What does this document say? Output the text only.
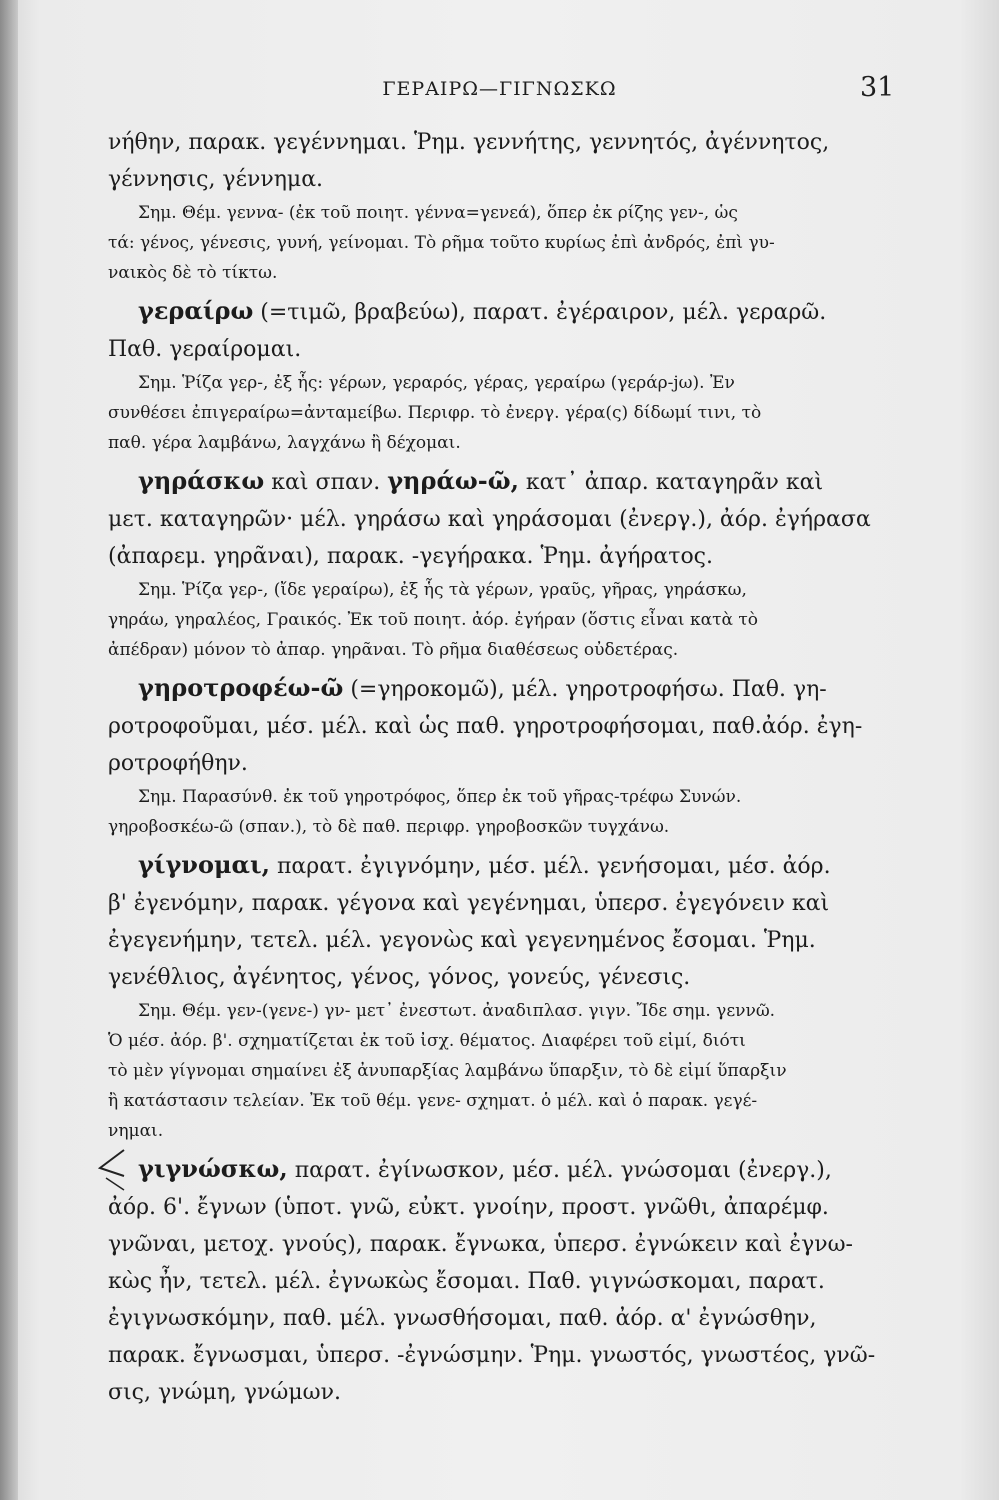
ΓΕΡΑΙΡΩ—ΓΙΓΝΩΣΚΩ	31

νήθην, παρακ. γεγέννημαι. Ῥημ. γεννήτης, γεννητός, ἀγέννητος,

γέννησις, γέννημα.

Σημ. Θέμ. γεννα- (ἐκ τοῦ ποιητ. γέννα=γενεά), ὅπερ ἐκ ρίζης γεν-, ὡς

τά: γένος, γένεσις, γυνή, γείνομαι. Τὸ ρῆμα τοῦτο κυρίως ἐπὶ ἀνδρός, ἐπὶ γυ-

ναικὸς δὲ τὸ τίκτω.

γεραίρω (=τιμῶ, βραβεύω), παρατ. ἐγέραιρον, μέλ. γεραρῶ.

Παθ. γεραίρομαι.

Σημ. Ῥίζα γερ-, ἐξ ἧς: γέρων, γεραρός, γέρας, γεραίρω (γεράρ-jω). Ἐν

συνθέσει ἐπιγεραίρω=ἀνταμείβω. Περιφρ. τὸ ἐνεργ. γέρα(ς) δίδωμί τινι, τὸ

παθ. γέρα λαμβάνω, λαγχάνω ἢ δέχομαι.

γηράσκω καὶ σπαν. γηράω-ῶ, κατ᾽ ἀπαρ. καταγηρᾶν καὶ

μετ. καταγηρῶν· μέλ. γηράσω καὶ γηράσομαι (ἐνεργ.), ἀόρ. ἐγήρασα

(ἀπαρεμ. γηρᾶναι), παρακ. -γεγήρακα. Ῥημ. ἀγήρατος.

Σημ. Ῥίζα γερ-, (ἴδε γεραίρω), ἐξ ἧς τὰ γέρων, γραῦς, γῆρας, γηράσκω,

γηράω, γηραλέος, Γραικός. Ἐκ τοῦ ποιητ. ἀόρ. ἐγήραν (ὅστις εἶναι κατὰ τὸ

ἀπέδραν) μόνον τὸ ἀπαρ. γηρᾶναι. Τὸ ρῆμα διαθέσεως οὐδετέρας.

γηροτροφέω-ῶ (=γηροκομῶ), μέλ. γηροτροφήσω. Παθ. γη-

ροτροφοῦμαι, μέσ. μέλ. καὶ ὡς παθ. γηροτροφήσομαι, παθ.ἀόρ. ἐγη-

ροτροφήθην.

Σημ. Παρασύνθ. ἐκ τοῦ γηροτρόφος, ὅπερ ἐκ τοῦ γῆρας-τρέφω Συνών.

γηροβοσκέω-ῶ (σπαν.), τὸ δὲ παθ. περιφρ. γηροβοσκῶν τυγχάνω.

γίγνομαι, παρατ. ἐγιγνόμην, μέσ. μέλ. γενήσομαι, μέσ. ἀόρ.

β' ἐγενόμην, παρακ. γέγονα καὶ γεγένημαι, ὑπερσ. ἐγεγόνειν καὶ

ἐγεγενήμην, τετελ. μέλ. γεγονὼς καὶ γεγενημένος ἔσομαι. Ῥημ.

γενέθλιος, ἀγένητος, γένος, γόνος, γονεύς, γένεσις.

Σημ. Θέμ. γεν-(γενε-) γν- μετ᾽ ἐνεστωτ. ἀναδιπλασ. γιγν. Ἴδε σημ. γεννῶ.

Ὁ μέσ. ἀόρ. β'. σχηματίζεται ἐκ τοῦ ἰσχ. θέματος. Διαφέρει τοῦ εἰμί, διότι

τὸ μὲν γίγνομαι σημαίνει ἐξ ἀνυπαρξίας λαμβάνω ὕπαρξιν, τὸ δὲ εἰμί ὕπαρξιν

ἢ κατάστασιν τελείαν. Ἐκ τοῦ θέμ. γενε- σχηματ. ὁ μέλ. καὶ ὁ παρακ. γεγέ-

νημαι.

γιγνώσκω, παρατ. ἐγίνωσκον, μέσ. μέλ. γνώσομαι (ἐνεργ.),

ἀόρ. 6'. ἔγνων (ὑποτ. γνῶ, εὐκτ. γνοίην, προστ. γνῶθι, ἀπαρέμφ.

γνῶναι, μετοχ. γνούς), παρακ. ἔγνωκα, ὑπερσ. ἐγνώκειν καὶ ἐγνω-

κὼς ἦν, τετελ. μέλ. ἐγνωκὼς ἔσομαι. Παθ. γιγνώσκομαι, παρατ.

ἐγιγνωσκόμην, παθ. μέλ. γνωσθήσομαι, παθ. ἀόρ. α' ἐγνώσθην,

παρακ. ἔγνωσμαι, ὑπερσ. -ἐγνώσμην. Ῥημ. γνωστός, γνωστέος, γνῶ-

σις, γνώμη, γνώμων.
